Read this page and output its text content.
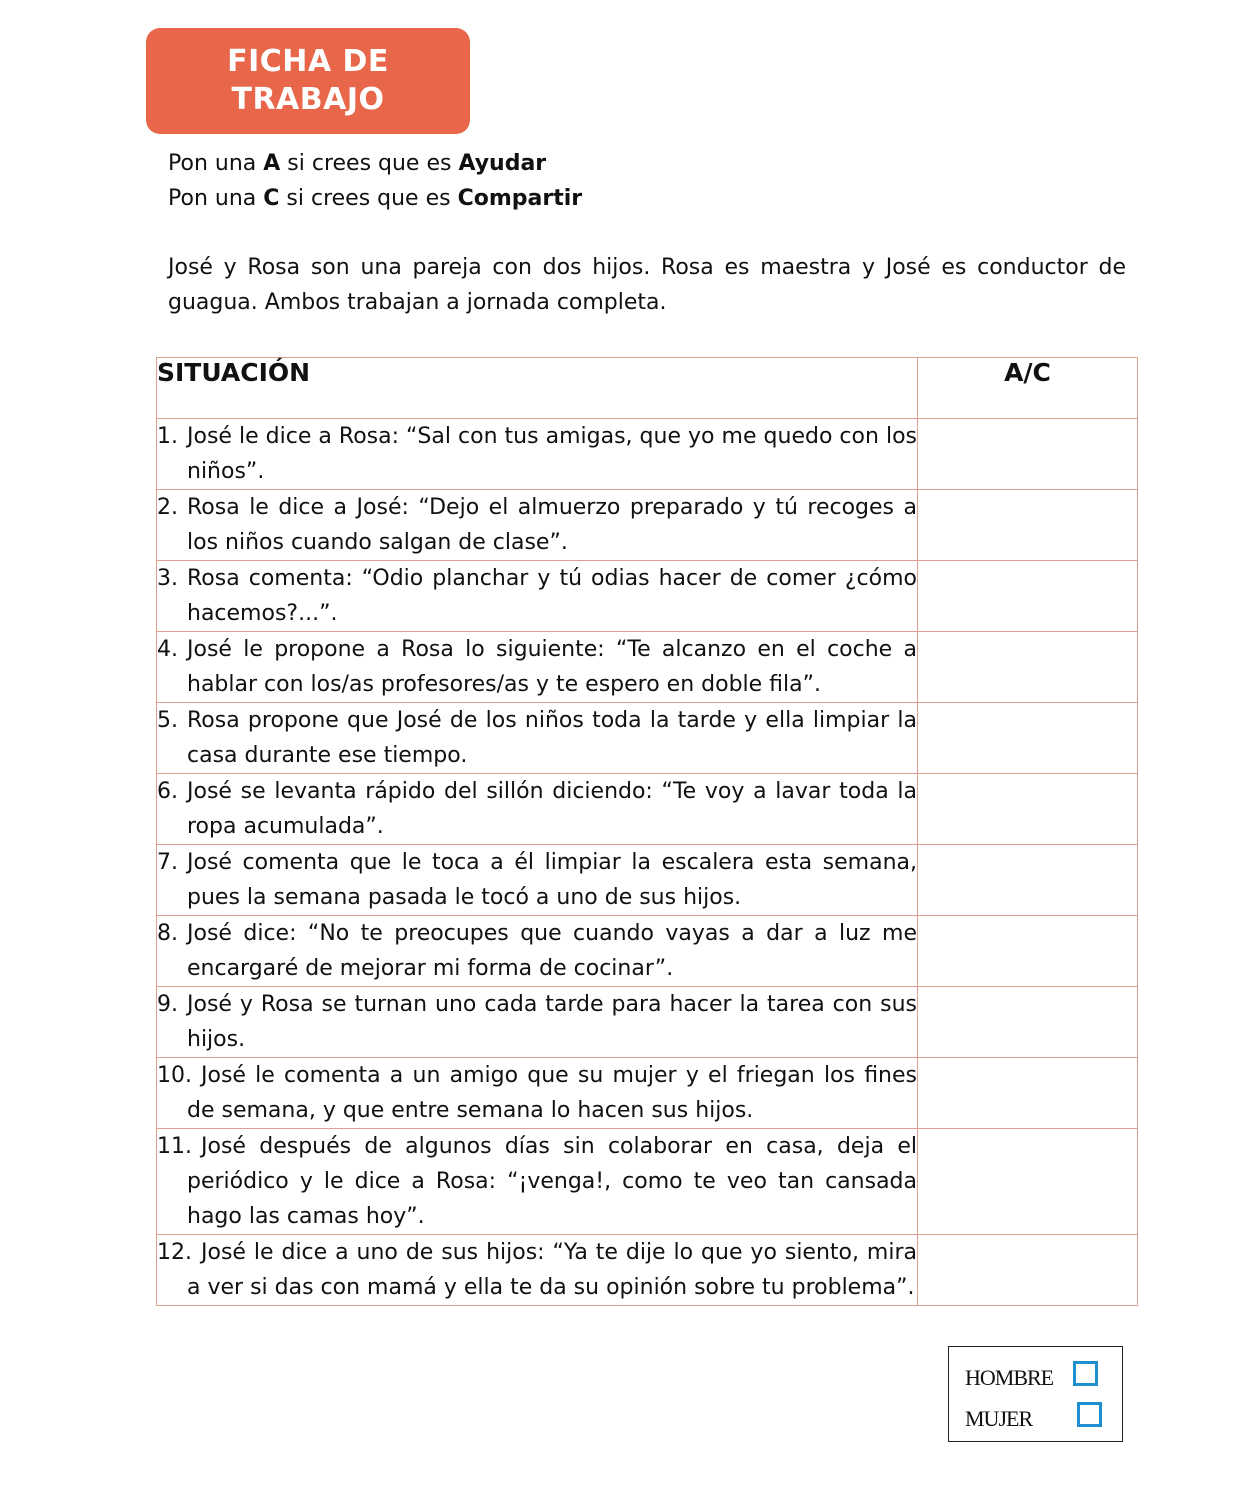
FICHA DE
TRABAJO
Pon una A si crees que es Ayudar
Pon una C si crees que es Compartir
José y Rosa son una pareja con dos hijos. Rosa es maestra y José es conductor de guagua. Ambos trabajan a jornada completa.
SITUACIÓN	A/C

1. José le dice a Rosa: “Sal con tus amigas, que yo me quedo con los niños”.	

2. Rosa le dice a José: “Dejo el almuerzo preparado y tú recoges a los niños cuando salgan de clase”.	

3. Rosa comenta: “Odio planchar y tú odias hacer de comer ¿cómo hacemos?...”.	

4. José le propone a Rosa lo siguiente: “Te alcanzo en el coche a hablar con los/as profesores/as y te espero en doble fila”.	

5. Rosa propone que José de los niños toda la tarde y ella limpiar la casa durante ese tiempo.	

6. José se levanta rápido del sillón diciendo: “Te voy a lavar toda la ropa acumulada”.	

7. José comenta que le toca a él limpiar la escalera esta semana, pues la semana pasada le tocó a uno de sus hijos.	

8. José dice: “No te preocupes que cuando vayas a dar a luz me encargaré de mejorar mi forma de cocinar”.	

9. José y Rosa se turnan uno cada tarde para hacer la tarea con sus hijos.	

10. José le comenta a un amigo que su mujer y el friegan los fines de semana, y que entre semana lo hacen sus hijos.	

11. José después de algunos días sin colaborar en casa, deja el periódico y le dice a Rosa: “¡venga!, como te veo tan cansada hago las camas hoy”.	

12. José le dice a uno de sus hijos: “Ya te dije lo que yo siento, mira a ver si das con mamá y ella te da su opinión sobre tu problema”.	

HOMBRE
MUJER
